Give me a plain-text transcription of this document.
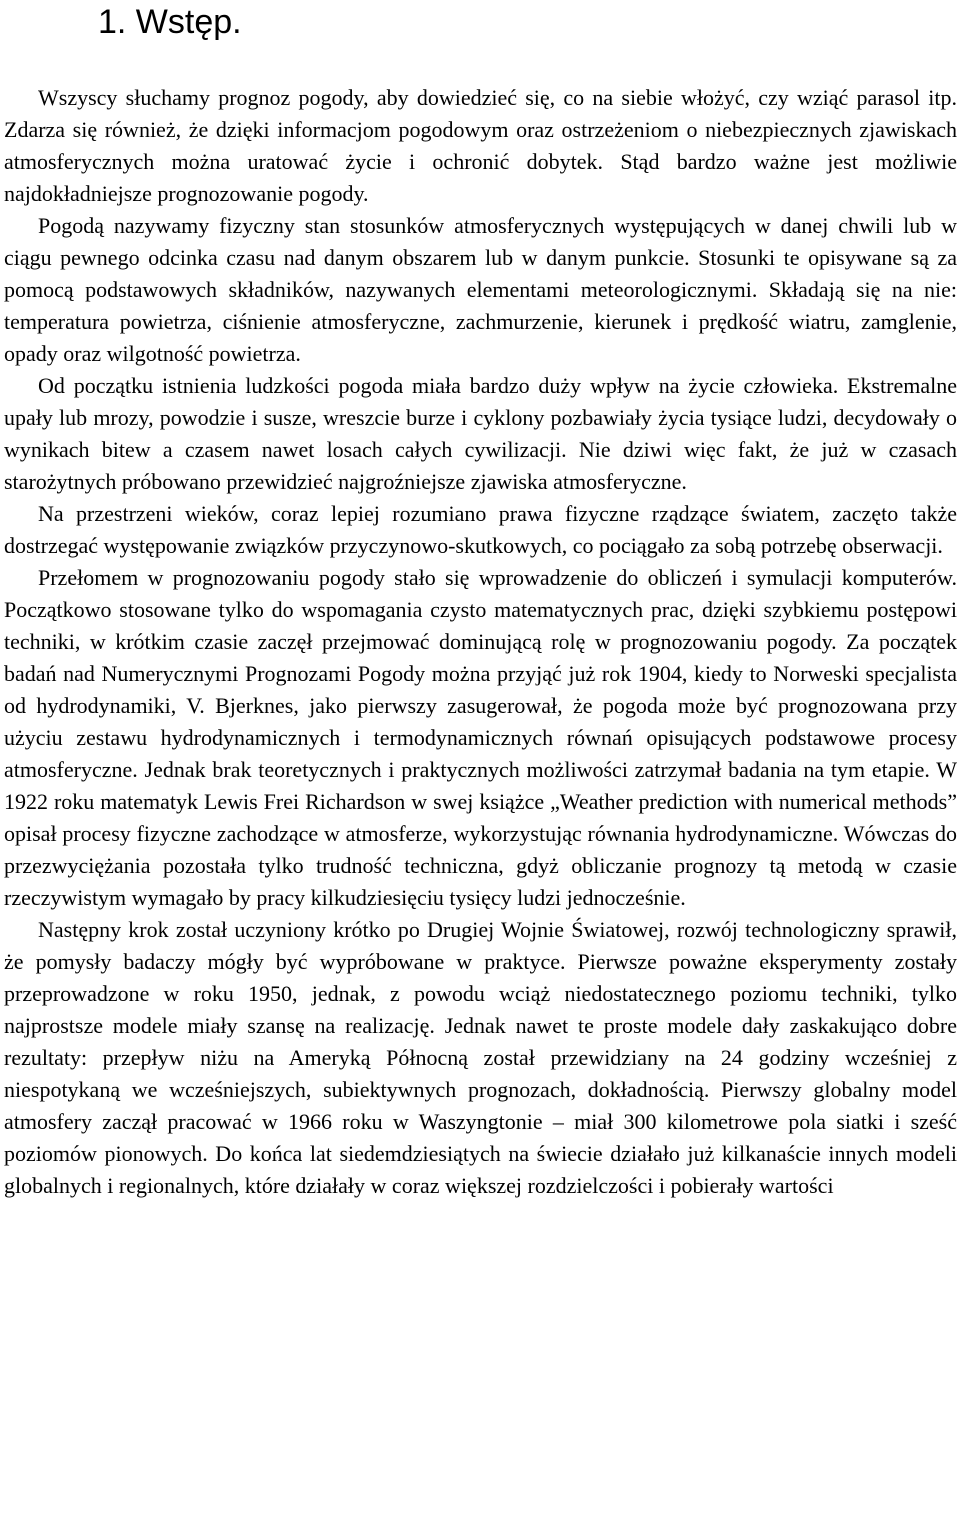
1. Wstęp.

Wszyscy słuchamy prognoz pogody, aby dowiedzieć się, co na siebie włożyć, czy wziąć parasol itp. Zdarza się również, że dzięki informacjom pogodowym oraz ostrzeżeniom o niebezpiecznych zjawiskach atmosferycznych można uratować życie i ochronić dobytek. Stąd bardzo ważne jest możliwie najdokładniejsze prognozowanie pogody.

Pogodą nazywamy fizyczny stan stosunków atmosferycznych występujących w danej chwili lub w ciągu pewnego odcinka czasu nad danym obszarem lub w danym punkcie. Stosunki te opisywane są za pomocą podstawowych składników, nazywanych elementami meteorologicznymi. Składają się na nie: temperatura powietrza, ciśnienie atmosferyczne, zachmurzenie, kierunek i prędkość wiatru, zamglenie, opady oraz wilgotność powietrza.

Od początku istnienia ludzkości pogoda miała bardzo duży wpływ na życie człowieka. Ekstremalne upały lub mrozy, powodzie i susze, wreszcie burze i cyklony pozbawiały życia tysiące ludzi, decydowały o wynikach bitew a czasem nawet losach całych cywilizacji. Nie dziwi więc fakt, że już w czasach starożytnych próbowano przewidzieć najgroźniejsze zjawiska atmosferyczne.

Na przestrzeni wieków, coraz lepiej rozumiano prawa fizyczne rządzące światem, zaczęto także dostrzegać występowanie związków przyczynowo-skutkowych, co pociągało za sobą potrzebę obserwacji.

Przełomem w prognozowaniu pogody stało się wprowadzenie do obliczeń i symulacji komputerów. Początkowo stosowane tylko do wspomagania czysto matematycznych prac, dzięki szybkiemu postępowi techniki, w krótkim czasie zaczęł przejmować dominującą rolę w prognozowaniu pogody. Za początek badań nad Numerycznymi Prognozami Pogody można przyjąć już rok 1904, kiedy to Norweski specjalista od hydrodynamiki, V. Bjerknes, jako pierwszy zasugerował, że pogoda może być prognozowana przy użyciu zestawu hydrodynamicznych i termodynamicznych równań opisujących podstawowe procesy atmosferyczne. Jednak brak teoretycznych i praktycznych możliwości zatrzymał badania na tym etapie. W 1922 roku matematyk Lewis Frei Richardson w swej książce „Weather prediction with numerical methods” opisał procesy fizyczne zachodzące w atmosferze, wykorzystując równania hydrodynamiczne. Wówczas do przezwyciężania pozostała tylko trudność techniczna, gdyż obliczanie prognozy tą metodą w czasie rzeczywistym wymagało by pracy kilkudziesięciu tysięcy ludzi jednocześnie.

Następny krok został uczyniony krótko po Drugiej Wojnie Światowej, rozwój technologiczny sprawił, że pomysły badaczy mógły być wypróbowane w praktyce. Pierwsze poważne eksperymenty zostały przeprowadzone w roku 1950, jednak, z powodu wciąż niedostatecznego poziomu techniki, tylko najprostsze modele miały szansę na realizację. Jednak nawet te proste modele dały zaskakująco dobre rezultaty: przepływ niżu na Ameryką Północną został przewidziany na 24 godziny wcześniej z niespotykaną we wcześniejszych, subiektywnych prognozach, dokładnością. Pierwszy globalny model atmosfery zaczął pracować w 1966 roku w Waszyngtonie – miał 300 kilometrowe pola siatki i sześć poziomów pionowych. Do końca lat siedemdziesiątych na świecie działało już kilkanaście innych modeli globalnych i regionalnych, które działały w coraz większej rozdzielczości i pobierały wartości
